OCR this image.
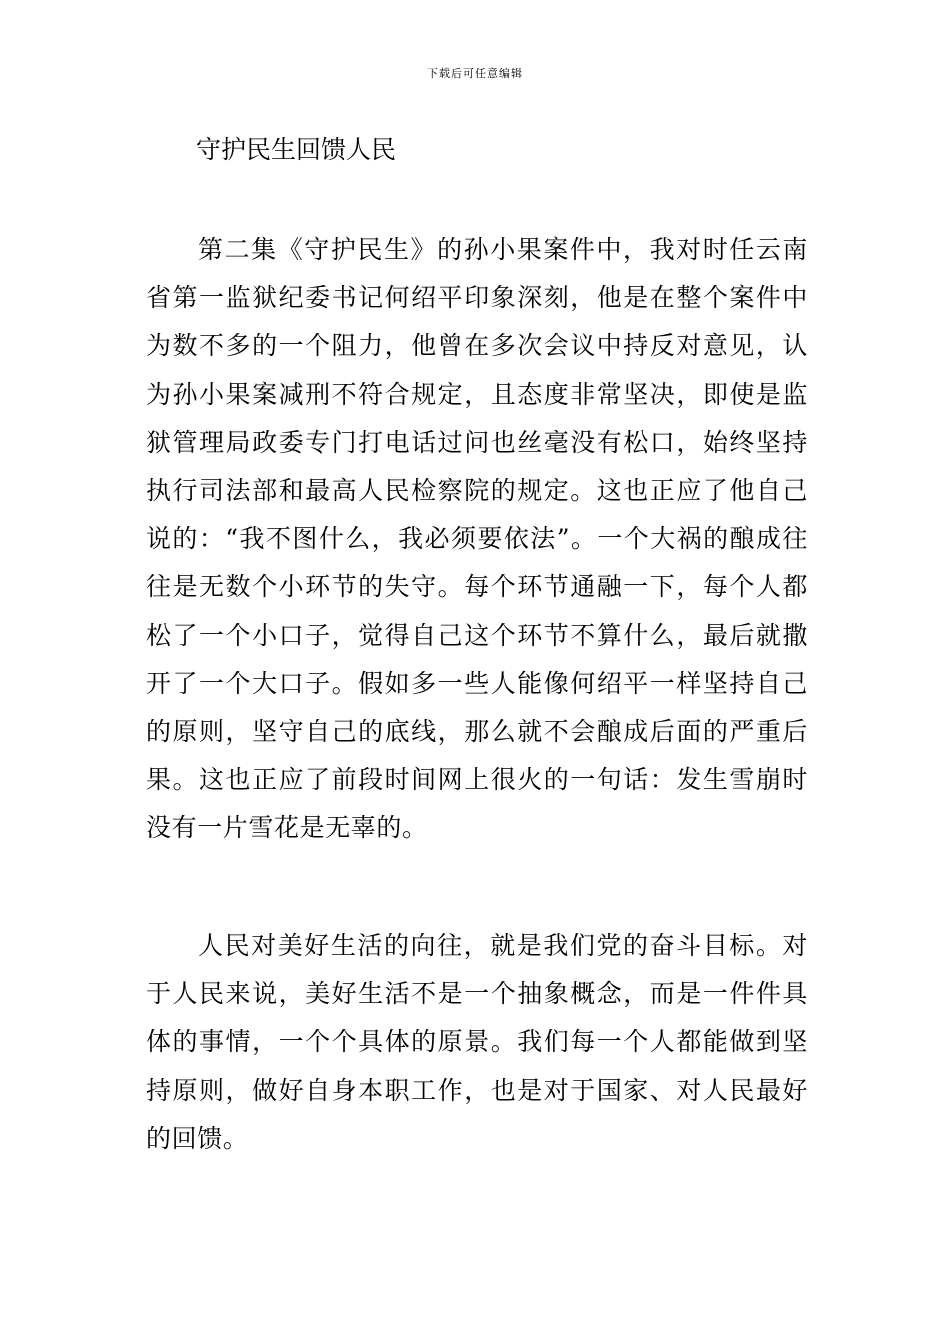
下载后可任意编辑
守护民生回馈人民

第二集《守护民生》的孙小果案件中，我对时任云南省第一监狱纪委书记何绍平印象深刻，他是在整个案件中为数不多的一个阻力，他曾在多次会议中持反对意见，认为孙小果案减刑不符合规定，且态度非常坚决，即使是监狱管理局政委专门打电话过问也丝毫没有松口，始终坚持执行司法部和最高人民检察院的规定。这也正应了他自己说的：“我不图什么，我必须要依法”。一个大祸的酿成往往是无数个小环节的失守。每个环节通融一下，每个人都松了一个小口子，觉得自己这个环节不算什么，最后就撒开了一个大口子。假如多一些人能像何绍平一样坚持自己的原则，坚守自己的底线，那么就不会酿成后面的严重后果。这也正应了前段时间网上很火的一句话：发生雪崩时没有一片雪花是无辜的。

人民对美好生活的向往，就是我们党的奋斗目标。对于人民来说，美好生活不是一个抽象概念，而是一件件具体的事情，一个个具体的原景。我们每一个人都能做到坚持原则，做好自身本职工作，也是对于国家、对人民最好的回馈。
